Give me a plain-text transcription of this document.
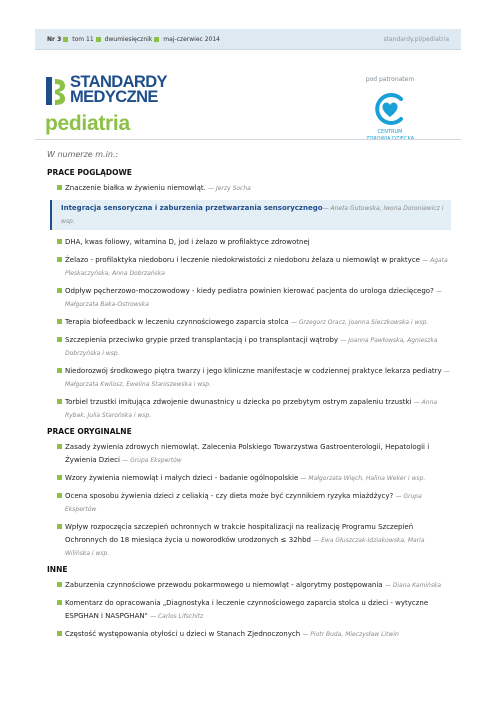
Nr 3 tom 11 dwumiesięcznik maj-czerwiec 2014	standardy.pl/pediatria
STANDARDY
MEDYCZNE
pediatria
pod patronatem
CENTRUM
W numerze m.in.:
PRACE POGLĄDOWE
Znaczenie białka w żywieniu niemowląt. — Jerzy Socha
Integracja sensoryczna i zaburzenia przetwarzania sensorycznego— Aneta Gutowska, Iwona Doroniewicz i wsp.
DHA, kwas foliowy, witamina D, jod i żelazo w profilaktyce zdrowotnej
Żelazo - profilaktyka niedoboru i leczenie niedokrwistości z niedoboru żelaza u niemowląt w praktyce — Agata Pleskaczyńska, Anna Dobrzańska
Odpływ pęcherzowo-moczowodowy - kiedy pediatra powinien kierować pacjenta do urologa dziecięcego? — Małgorzata Baka-Ostrowska
Terapia biofeedback w leczeniu czynnościowego zaparcia stolca — Grzegorz Oracz, Joanna Sieczkowska i wsp.
Szczepienia przeciwko grypie przed transplantacją i po transplantacji wątroby — Joanna Pawłowska, Agnieszka Dobrzyńska i wsp.
Niedorozwój środkowego piętra twarzy i jego kliniczne manifestacje w codziennej praktyce lekarza pediatry — Małgorzata Kwilosz, Ewelina Staniszewska i wsp.
Torbiel trzustki imitująca zdwojenie dwunastnicy u dziecka po przebytym ostrym zapaleniu trzustki — Anna Rybak, Julia Starońska i wsp.
PRACE ORYGINALNE
Zasady żywienia zdrowych niemowląt. Zalecenia Polskiego Towarzystwa Gastroenterologii, Hepatologii i Żywienia Dzieci — Grupa Ekspertów
Wzory żywienia niemowląt i małych dzieci - badanie ogólnopolskie — Małgorzata Więch, Halina Weker i wsp.
Ocena sposobu żywienia dzieci z celiakią - czy dieta może być czynnikiem ryzyka miażdżycy? — Grupa Ekspertów
Wpływ rozpoczęcia szczepień ochronnych w trakcie hospitalizacji na realizację Programu Szczepień Ochronnych do 18 miesiąca życia u noworodków urodzonych ≤ 32hbd — Ewa Głuszczak-Idziakowska, Maria Wilińska i wsp.
INNE
Zaburzenia czynnościowe przewodu pokarmowego u niemowląt - algorytmy postępowania — Diana Kamińska
Komentarz do opracowania „Diagnostyka i leczenie czynnościowego zaparcia stolca u dzieci - wytyczne ESPGHAN i NASPGHAN" — Carlos Lifschitz
Częstość występowania otyłości u dzieci w Stanach Zjednoczonych — Piotr Buda, Mieczysław Litwin
